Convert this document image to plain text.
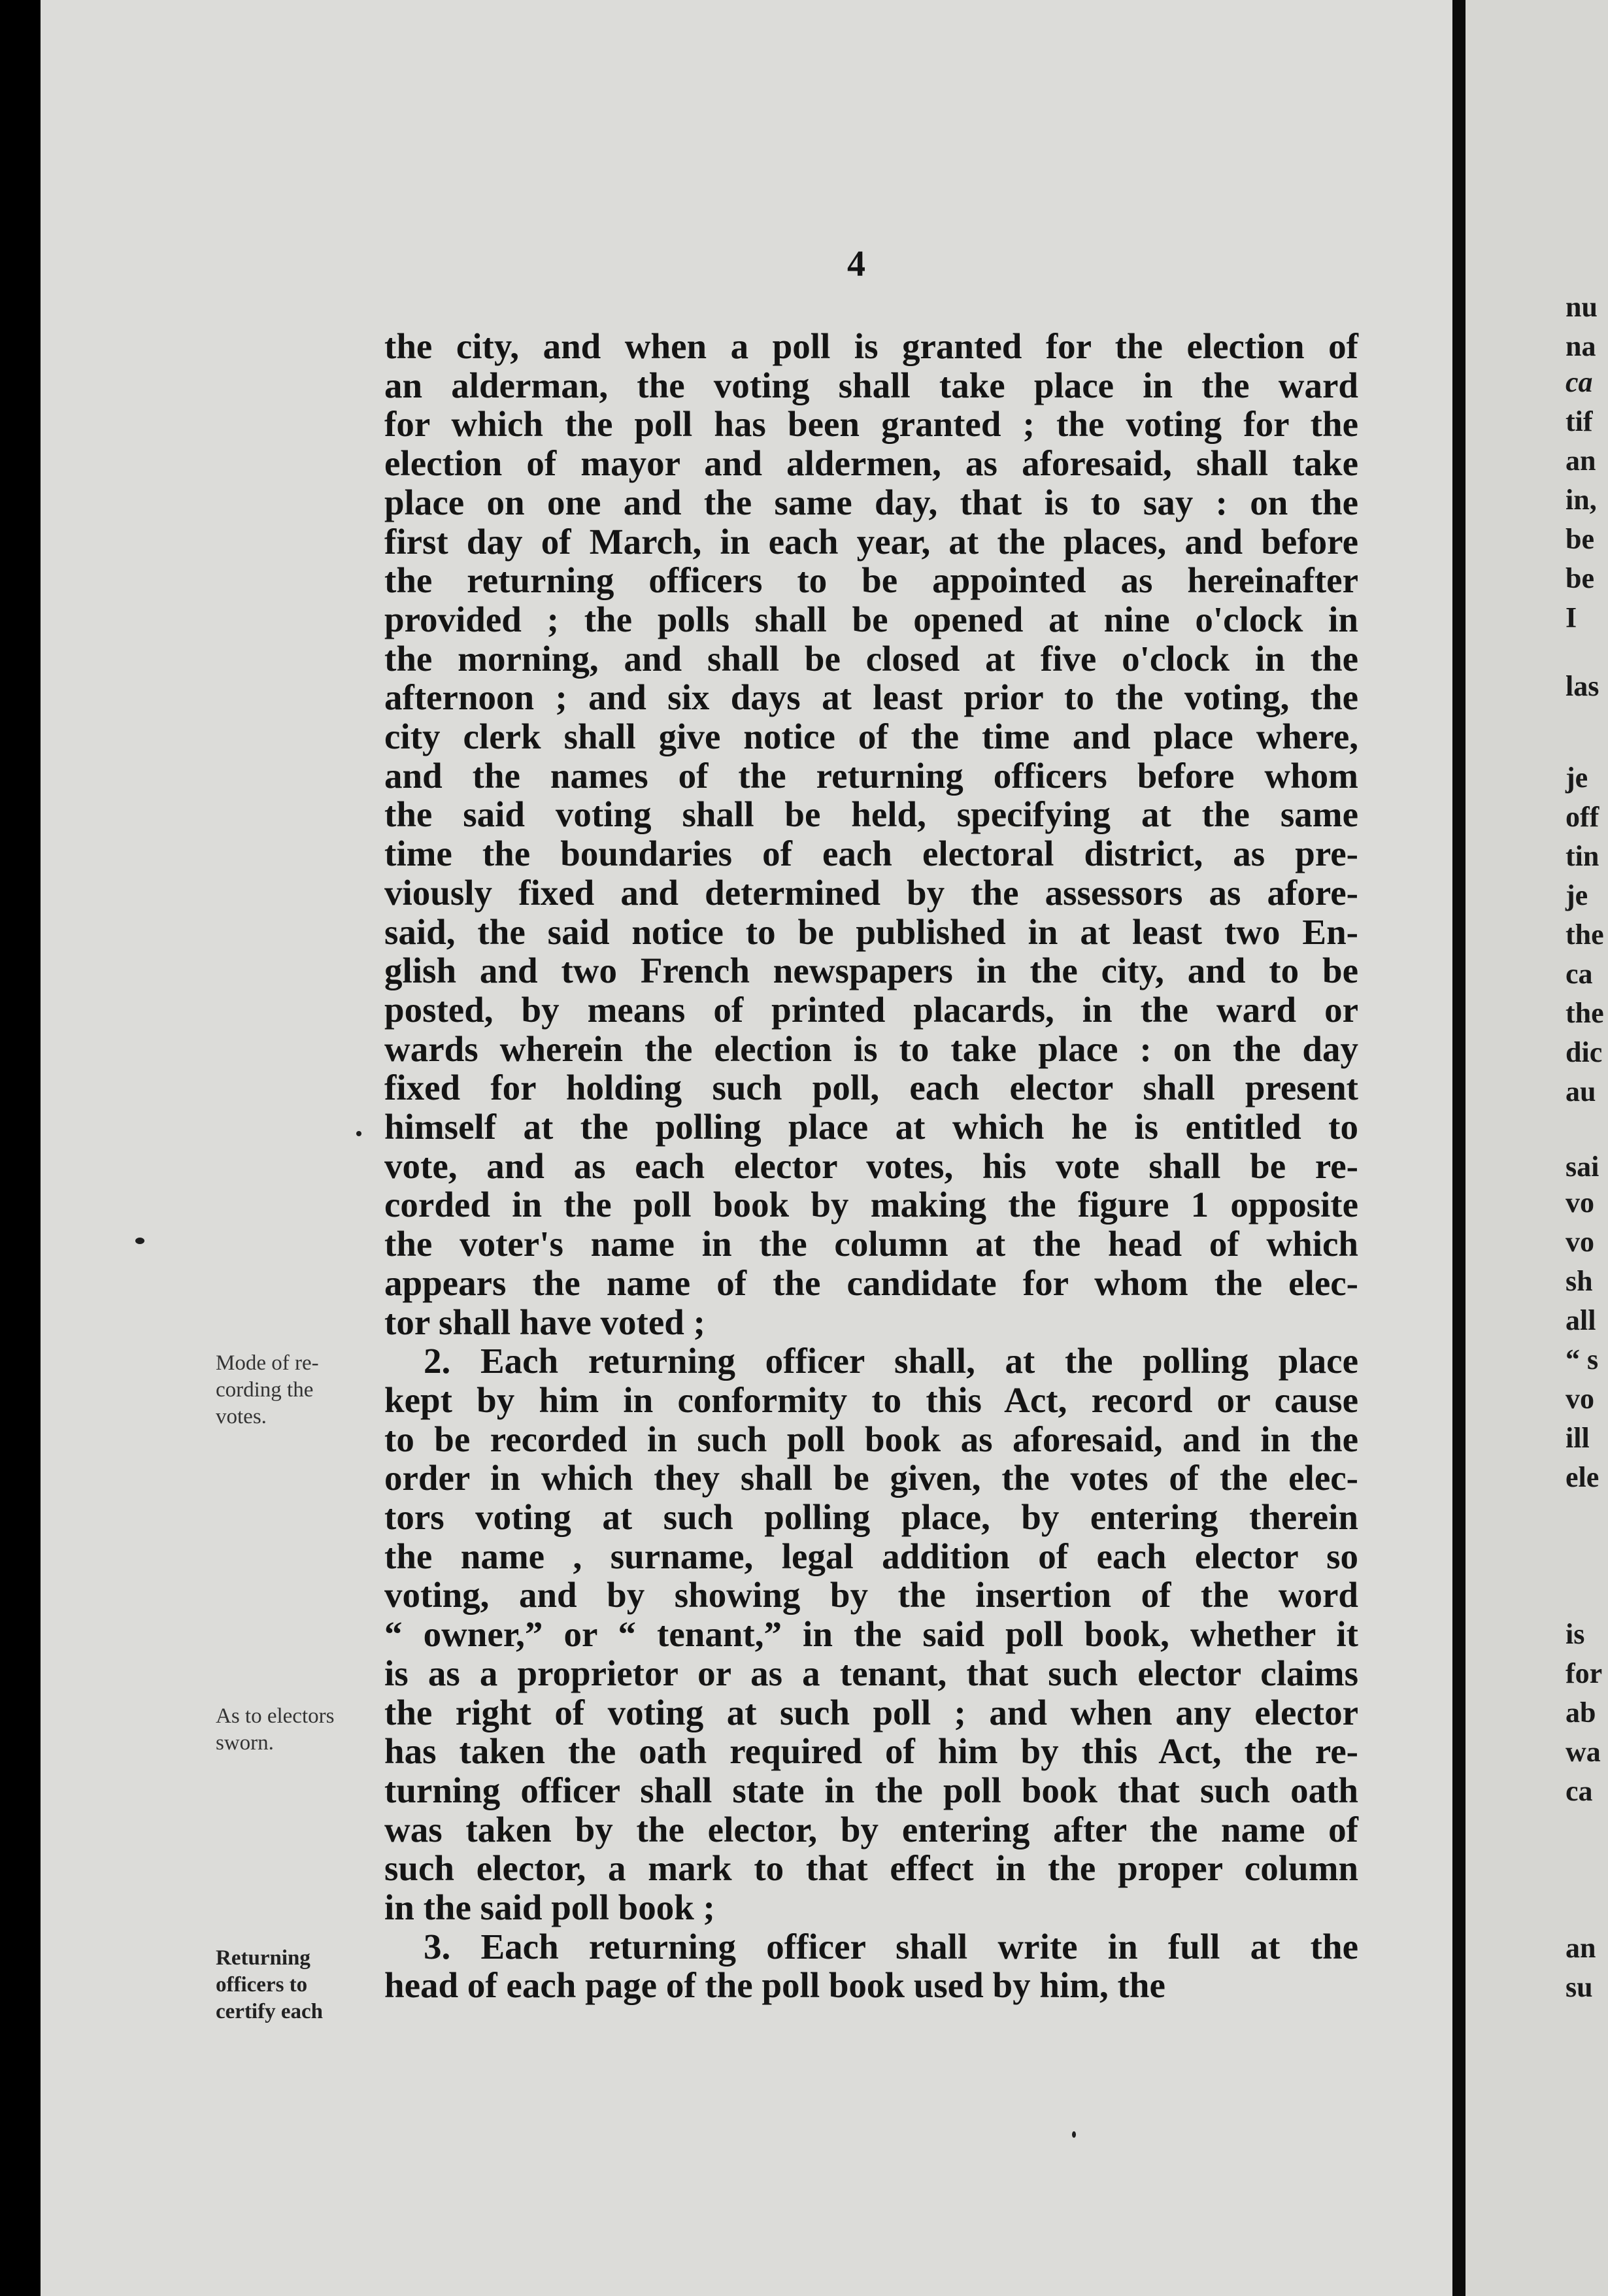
4
the city, and when a poll is granted for the election of
an alderman, the voting shall take place in the ward
for which the poll has been granted ; the voting for the
election of mayor and aldermen, as aforesaid, shall take
place on one and the same day, that is to say : on the
first day of March, in each year, at the places, and before
the returning officers to be appointed as hereinafter
provided ; the polls shall be opened at nine o'clock in
the morning, and shall be closed at five o'clock in the
afternoon ; and six days at least prior to the voting, the
city clerk shall give notice of the time and place where,
and the names of the returning officers before whom
the said voting shall be held, specifying at the same
time the boundaries of each electoral district, as pre-
viously fixed and determined by the assessors as afore-
said, the said notice to be published in at least two En-
glish and two French newspapers in the city, and to be
posted, by means of printed placards, in the ward or
wards wherein the election is to take place : on the day
fixed for holding such poll, each elector shall present
himself at the polling place at which he is entitled to
vote, and as each elector votes, his vote shall be re-
corded in the poll book by making the figure 1 opposite
the voter's name in the column at the head of which
appears the name of the candidate for whom the elec-
tor shall have voted ;
2. Each returning officer shall, at the polling place
kept by him in conformity to this Act, record or cause
to be recorded in such poll book as aforesaid, and in the
order in which they shall be given, the votes of the elec-
tors voting at such polling place, by entering therein
the name , surname, legal addition of each elector so
voting, and by showing by the insertion of the word
“ owner,” or “ tenant,” in the said poll book, whether it
is as a proprietor or as a tenant, that such elector claims
the right of voting at such poll ; and when any elector
has taken the oath required of him by this Act, the re-
turning officer shall state in the poll book that such oath
was taken by the elector, by entering after the name of
such elector, a mark to that effect in the proper column
in the said poll book ;
3. Each returning officer shall write in full at the
head of each page of the poll book used by him, the
Mode of re-
cording the
votes.
As to electors
sworn.
Returning
officers to
certify each
nu
na
ca
tif
an
in,
be
be
I
las
je
off
tin
je
the
ca
the
dic
au
sai
vo
vo
sh
all
“ s
vo
ill
ele
is
for
ab
wa
ca
an
su
